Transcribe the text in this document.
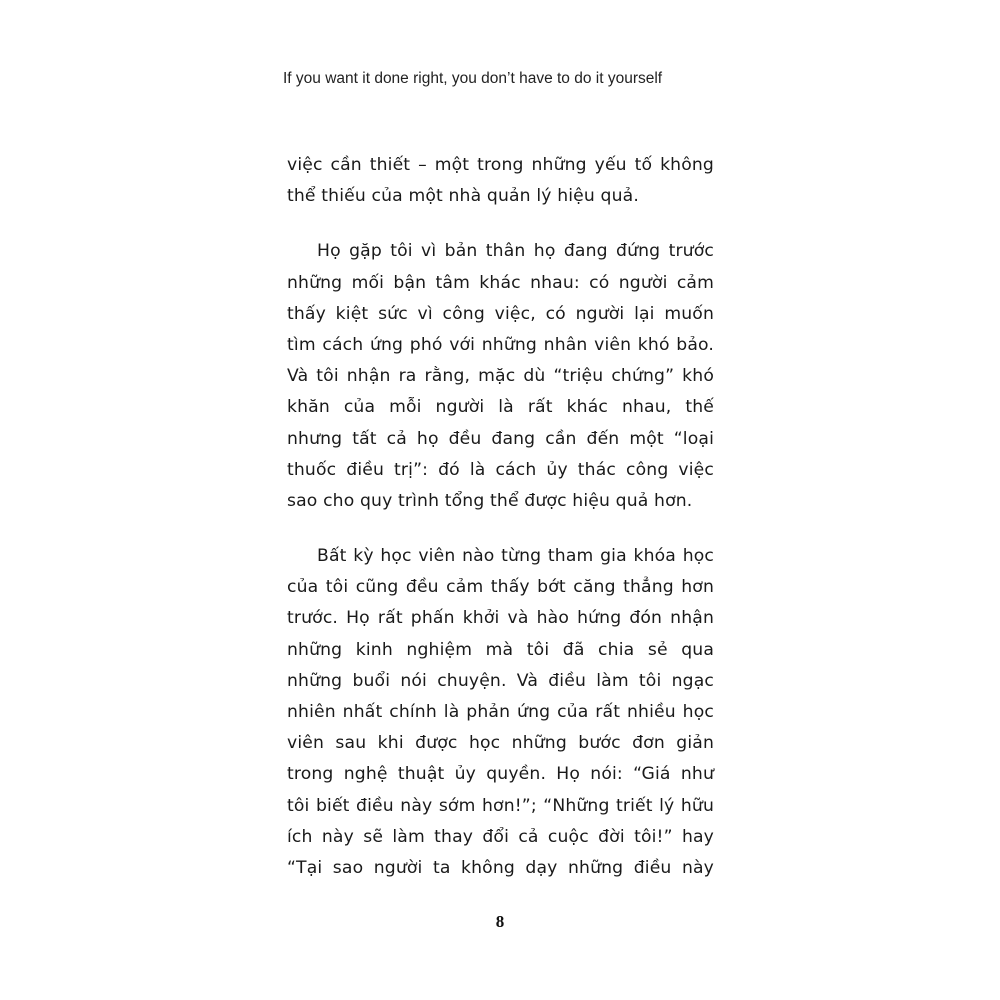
If you want it done right, you don’t have to do it yourself
việc cần thiết – một trong những yếu tố không
thể thiếu của một nhà quản lý hiệu quả.
Họ gặp tôi vì bản thân họ đang đứng trước
những mối bận tâm khác nhau: có người cảm
thấy kiệt sức vì công việc, có người lại muốn
tìm cách ứng phó với những nhân viên khó bảo.
Và tôi nhận ra rằng, mặc dù “triệu chứng” khó
khăn của mỗi người là rất khác nhau, thế
nhưng tất cả họ đều đang cần đến một “loại
thuốc điều trị”: đó là cách ủy thác công việc
sao cho quy trình tổng thể được hiệu quả hơn.
Bất kỳ học viên nào từng tham gia khóa học
của tôi cũng đều cảm thấy bớt căng thẳng hơn
trước. Họ rất phấn khởi và hào hứng đón nhận
những kinh nghiệm mà tôi đã chia sẻ qua
những buổi nói chuyện. Và điều làm tôi ngạc
nhiên nhất chính là phản ứng của rất nhiều học
viên sau khi được học những bước đơn giản
trong nghệ thuật ủy quyền. Họ nói: “Giá như
tôi biết điều này sớm hơn!”; “Những triết lý hữu
ích này sẽ làm thay đổi cả cuộc đời tôi!” hay
“Tại sao người ta không dạy những điều này
8
